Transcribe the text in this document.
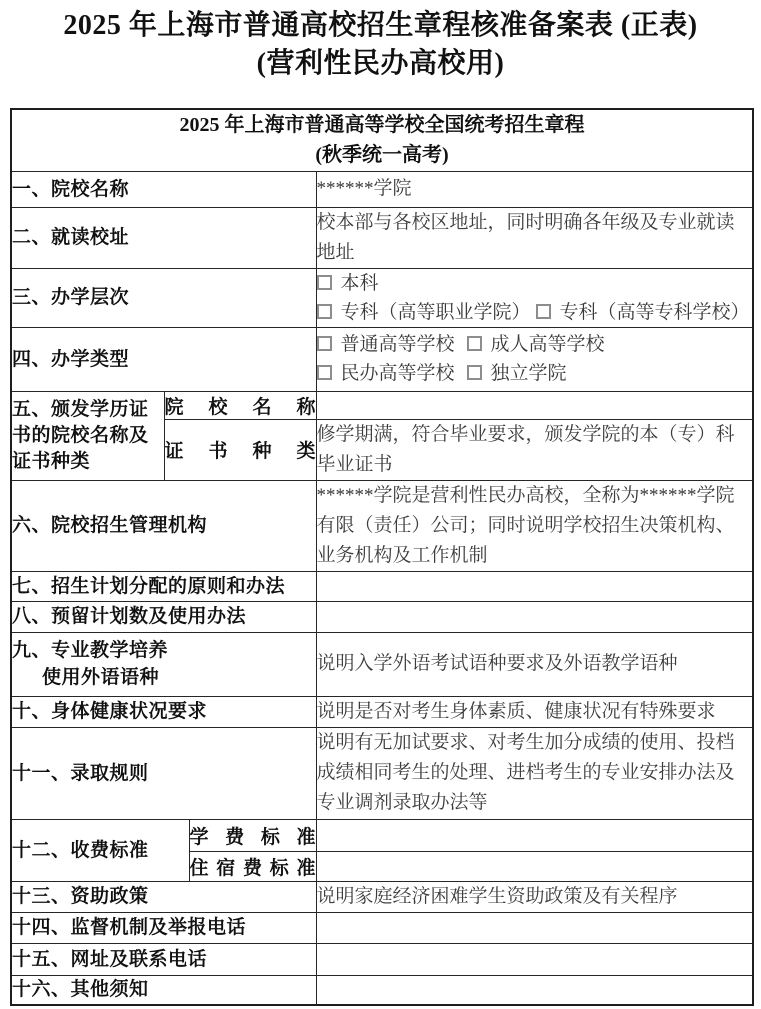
2025 年上海市普通高校招生章程核准备案表 (正表)
(营利性民办高校用)
2025 年上海市普通高等学校全国统考招生章程
(秋季统一高考)			

一、院校名称			******学院
二、就读校址			校本部与各校区地址，同时明确各年级及专业就读地址
三、办学层次			本科
专科（高等职业学院） 专科（高等专科学校）

四、办学类型			普通高等学校 成人高等学校
民办高等学校 独立学院

五、颁发学历证书的院校名称及证书种类	院 校 名 称		
	证 书 种 类		修学期满，符合毕业要求，颁发学院的本（专）科毕业证书
六、院校招生管理机构			******学院是营利性民办高校，全称为******学院有限（责任）公司；同时说明学校招生决策机构、业务机构及工作机制
七、招生计划分配的原则和办法			
八、预留计划数及使用办法			

九、专业教学培养
使用外语语种			说明入学外语考试语种要求及外语教学语种
十、身体健康状况要求			说明是否对考生身体素质、健康状况有特殊要求
十一、录取规则			说明有无加试要求、对考生加分成绩的使用、投档成绩相同考生的处理、进档考生的专业安排办法及专业调剂录取办法等
十二、收费标准		学 费 标 准	
		住 宿 费 标 准	
十三、资助政策			说明家庭经济困难学生资助政策及有关程序
十四、监督机制及举报电话			
十五、网址及联系电话			
十六、其他须知			
